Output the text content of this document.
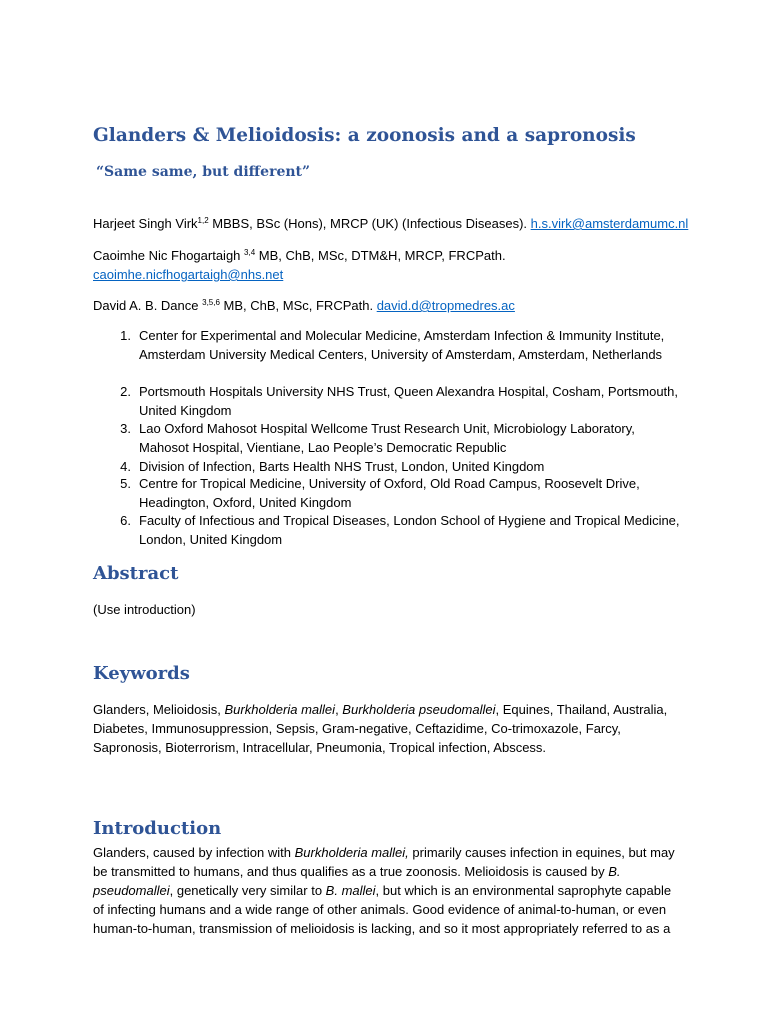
Glanders & Melioidosis: a zoonosis and a sapronosis
“Same same, but different”
Harjeet Singh Virk$^{1,2}$ MBBS, BSc (Hons), MRCP (UK) (Infectious Diseases). h.s.virk@amsterdamumc.nl
Caoimhe Nic Fhogartaigh $^{3,4}$ MB, ChB, MSc, DTM&H, MRCP, FRCPath.
caoimhe.nicfhogartaigh@nhs.net
David A. B. Dance $^{3,5,6}$ MB, ChB, MSc, FRCPath. david.d@tropmedres.ac
1. Center for Experimental and Molecular Medicine, Amsterdam Infection & Immunity Institute, Amsterdam University Medical Centers, University of Amsterdam, Amsterdam, Netherlands
2. Portsmouth Hospitals University NHS Trust, Queen Alexandra Hospital, Cosham, Portsmouth, United Kingdom
3. Lao Oxford Mahosot Hospital Wellcome Trust Research Unit, Microbiology Laboratory, Mahosot Hospital, Vientiane, Lao People’s Democratic Republic
4. Division of Infection, Barts Health NHS Trust, London, United Kingdom
5. Centre for Tropical Medicine, University of Oxford, Old Road Campus, Roosevelt Drive, Headington, Oxford, United Kingdom
6. Faculty of Infectious and Tropical Diseases, London School of Hygiene and Tropical Medicine, London, United Kingdom
Abstract
(Use introduction)
Keywords
Glanders, Melioidosis, Burkholderia mallei, Burkholderia pseudomallei, Equines, Thailand, Australia, Diabetes, Immunosuppression, Sepsis, Gram-negative, Ceftazidime, Co-trimoxazole, Farcy, Sapronosis, Bioterrorism, Intracellular, Pneumonia, Tropical infection, Abscess.
Introduction
Glanders, caused by infection with Burkholderia mallei, primarily causes infection in equines, but may be transmitted to humans, and thus qualifies as a true zoonosis. Melioidosis is caused by B. pseudomallei, genetically very similar to B. mallei, but which is an environmental saprophyte capable of infecting humans and a wide range of other animals. Good evidence of animal-to-human, or even human-to-human, transmission of melioidosis is lacking, and so it most appropriately referred to as a
